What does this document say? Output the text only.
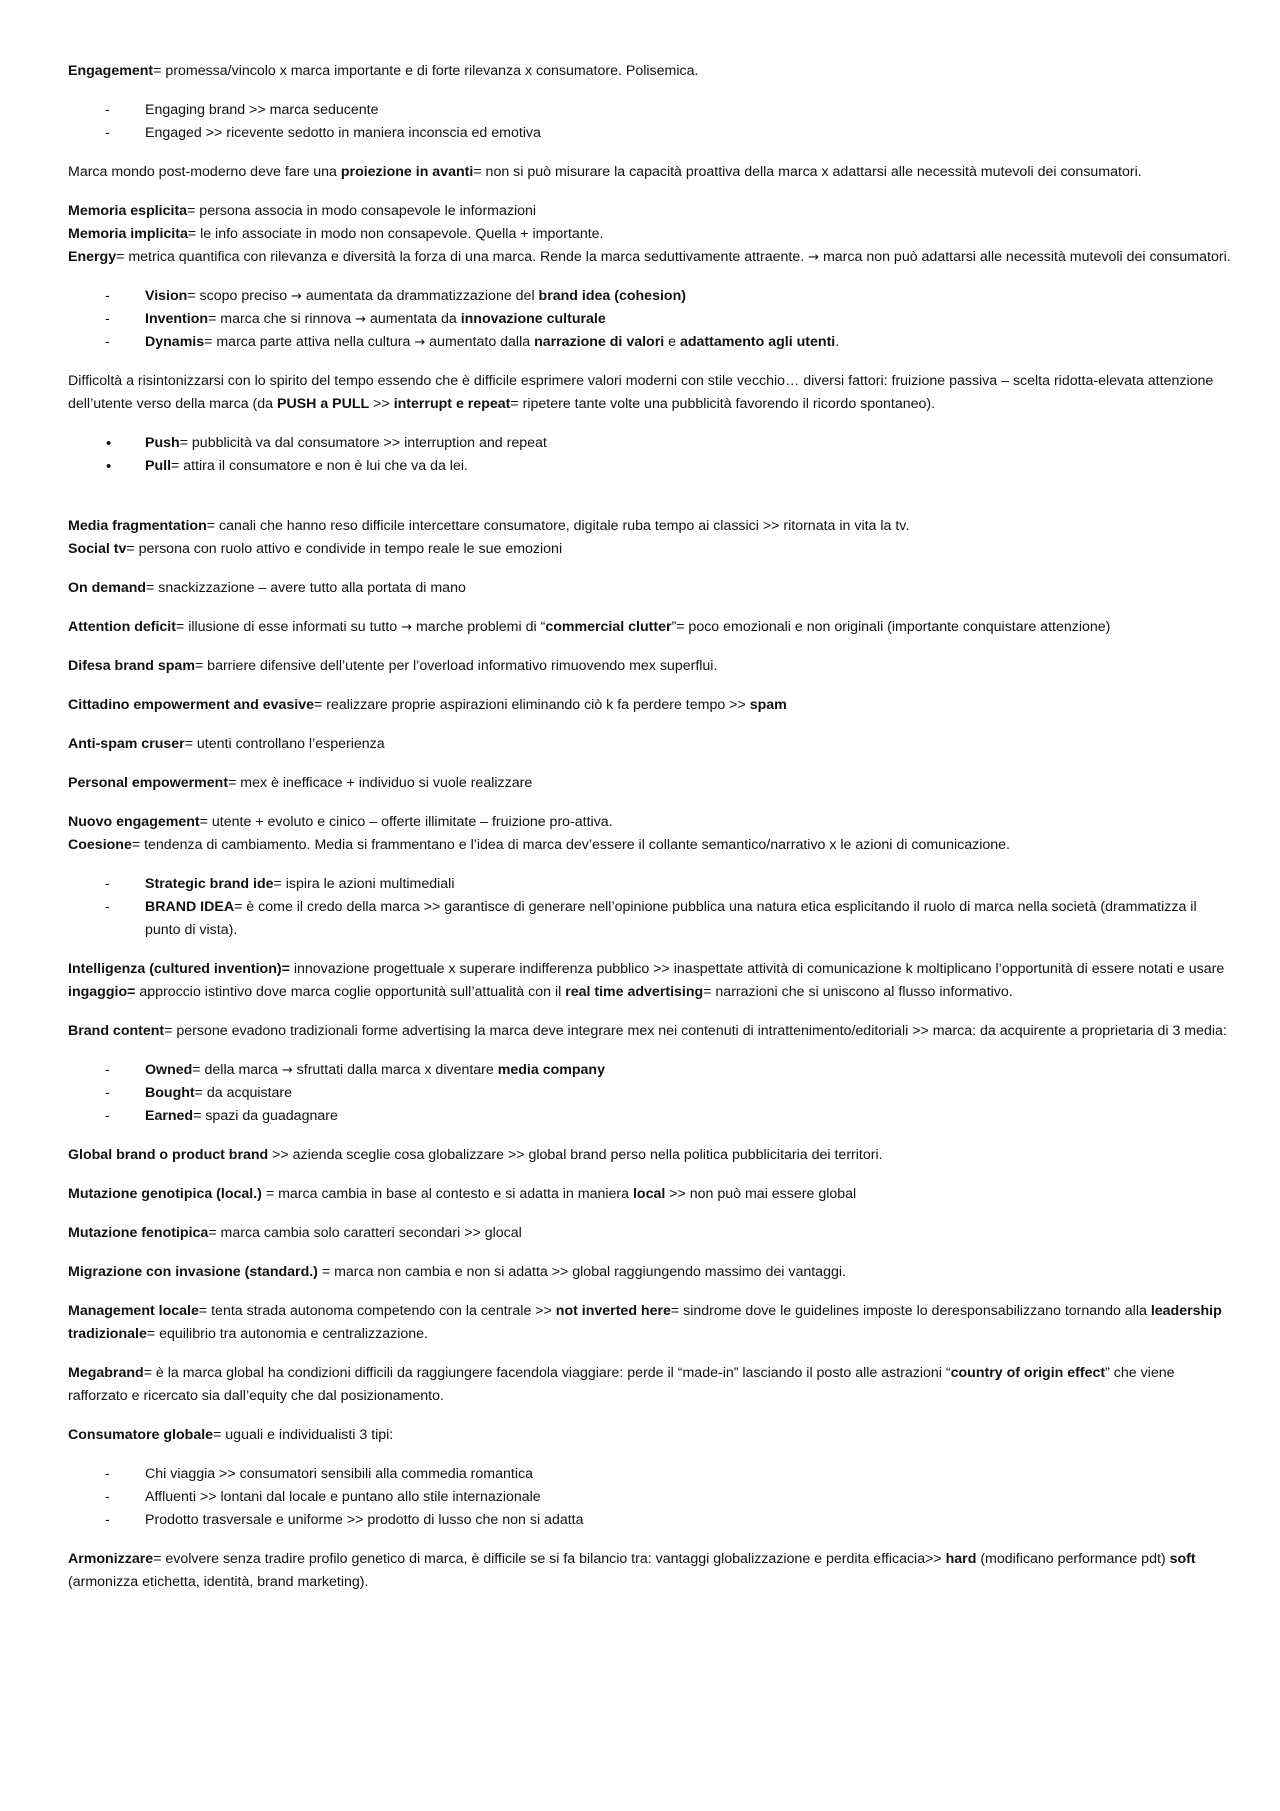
Engagement= promessa/vincolo x marca importante e di forte rilevanza x consumatore. Polisemica.

- Engaging brand >> marca seducente
- Engaged >> ricevente sedotto in maniera inconscia ed emotiva

Marca mondo post-moderno deve fare una proiezione in avanti= non si può misurare la capacità proattiva della marca x adattarsi alle necessità mutevoli dei consumatori.

Memoria esplicita= persona associa in modo consapevole le informazioni

Memoria implicita= le info associate in modo non consapevole. Quella + importante.

Energy= metrica quantifica con rilevanza e diversità la forza di una marca. Rende la marca seduttivamente attraente. → marca non può adattarsi alle necessità mutevoli dei consumatori.

- Vision= scopo preciso → aumentata da drammatizzazione del brand idea (cohesion)
- Invention= marca che si rinnova → aumentata da innovazione culturale
- Dynamis= marca parte attiva nella cultura → aumentato dalla narrazione di valori e adattamento agli utenti.

Difficoltà a risintonizzarsi con lo spirito del tempo essendo che è difficile esprimere valori moderni con stile vecchio… diversi fattori: fruizione passiva – scelta ridotta-elevata attenzione dell’utente verso della marca (da PUSH a PULL >> interrupt e repeat= ripetere tante volte una pubblicità favorendo il ricordo spontaneo).

• Push= pubblicità va dal consumatore >> interruption and repeat
• Pull= attira il consumatore e non è lui che va da lei.

Media fragmentation= canali che hanno reso difficile intercettare consumatore, digitale ruba tempo ai classici >> ritornata in vita la tv.

Social tv= persona con ruolo attivo e condivide in tempo reale le sue emozioni

On demand= snackizzazione – avere tutto alla portata di mano

Attention deficit= illusione di esse informati su tutto → marche problemi di “commercial clutter”= poco emozionali e non originali (importante conquistare attenzione)

Difesa brand spam= barriere difensive dell’utente per l’overload informativo rimuovendo mex superflui.

Cittadino empowerment and evasive= realizzare proprie aspirazioni eliminando ciò k fa perdere tempo >> spam

Anti-spam cruser= utenti controllano l’esperienza

Personal empowerment= mex è inefficace + individuo si vuole realizzare

Nuovo engagement= utente + evoluto e cinico – offerte illimitate – fruizione pro-attiva.

Coesione= tendenza di cambiamento. Media si frammentano e l’idea di marca dev’essere il collante semantico/narrativo x le azioni di comunicazione.

- Strategic brand ide= ispira le azioni multimediali
- BRAND IDEA= è come il credo della marca >> garantisce di generare nell’opinione pubblica una natura etica esplicitando il ruolo di marca nella società (drammatizza il punto di vista).

Intelligenza (cultured invention)= innovazione progettuale x superare indifferenza pubblico >> inaspettate attività di comunicazione k moltiplicano l’opportunità di essere notati e usare ingaggio= approccio istintivo dove marca coglie opportunità sull’attualità con il real time advertising= narrazioni che si uniscono al flusso informativo.

Brand content= persone evadono tradizionali forme advertising la marca deve integrare mex nei contenuti di intrattenimento/editoriali >> marca: da acquirente a proprietaria di 3 media:

- Owned= della marca → sfruttati dalla marca x diventare media company
- Bought= da acquistare
- Earned= spazi da guadagnare

Global brand o product brand >> azienda sceglie cosa globalizzare >> global brand perso nella politica pubblicitaria dei territori.

Mutazione genotipica (local.) = marca cambia in base al contesto e si adatta in maniera local >> non può mai essere global

Mutazione fenotipica= marca cambia solo caratteri secondari >> glocal

Migrazione con invasione (standard.) = marca non cambia e non si adatta >> global raggiungendo massimo dei vantaggi.

Management locale= tenta strada autonoma competendo con la centrale >> not inverted here= sindrome dove le guidelines imposte lo deresponsabilizzano tornando alla leadership tradizionale= equilibrio tra autonomia e centralizzazione.

Megabrand= è la marca global ha condizioni difficili da raggiungere facendola viaggiare: perde il “made-in” lasciando il posto alle astrazioni “country of origin effect” che viene rafforzato e ricercato sia dall’equity che dal posizionamento.

Consumatore globale= uguali e individualisti 3 tipi:

- Chi viaggia >> consumatori sensibili alla commedia romantica
- Affluenti >> lontani dal locale e puntano allo stile internazionale
- Prodotto trasversale e uniforme >> prodotto di lusso che non si adatta

Armonizzare= evolvere senza tradire profilo genetico di marca, è difficile se si fa bilancio tra: vantaggi globalizzazione e perdita efficacia>> hard (modificano performance pdt) soft (armonizza etichetta, identità, brand marketing).
